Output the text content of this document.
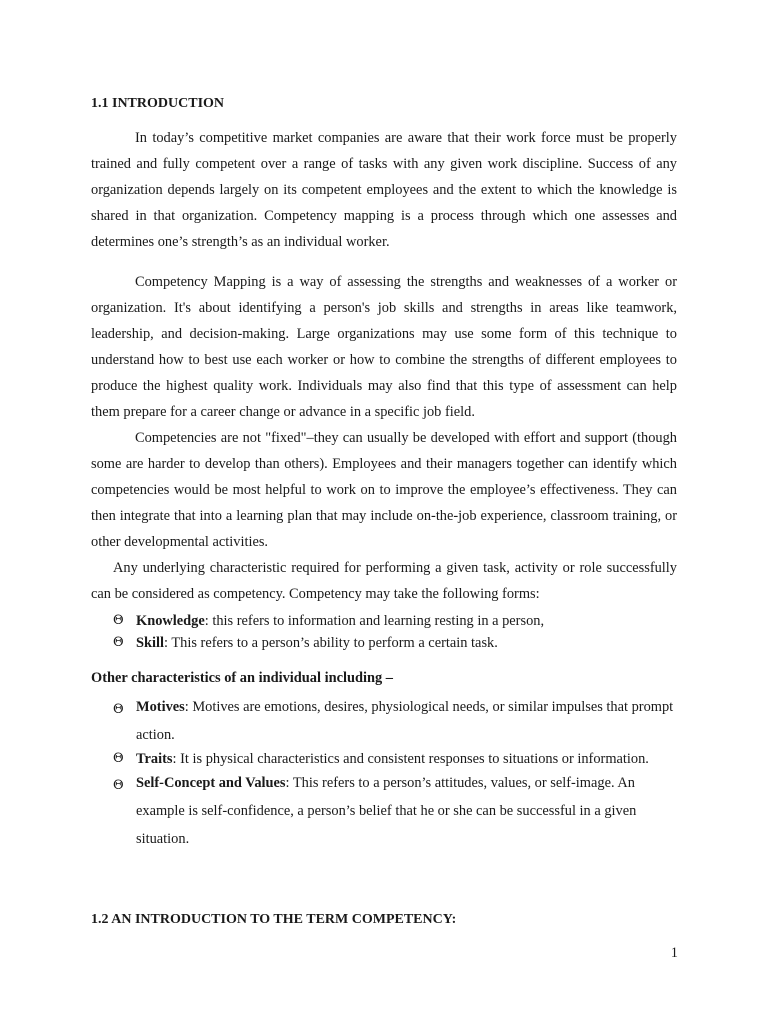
1.1 INTRODUCTION

In today’s competitive market companies are aware that their work force must be properly trained and fully competent over a range of tasks with any given work discipline. Success of any organization depends largely on its competent employees and the extent to which the knowledge is shared in that organization. Competency mapping is a process through which one assesses and determines one’s strength’s as an individual worker.

Competency Mapping is a way of assessing the strengths and weaknesses of a worker or organization. It's about identifying a person's job skills and strengths in areas like teamwork, leadership, and decision-making. Large organizations may use some form of this technique to understand how to best use each worker or how to combine the strengths of different employees to produce the highest quality work. Individuals may also find that this type of assessment can help them prepare for a career change or advance in a specific job field.

Competencies are not "fixed"–they can usually be developed with effort and support (though some are harder to develop than others). Employees and their managers together can identify which competencies would be most helpful to work on to improve the employee’s effectiveness. They can then integrate that into a learning plan that may include on-the-job experience, classroom training, or other developmental activities.

Any underlying characteristic required for performing a given task, activity or role successfully can be considered as competency. Competency may take the following forms:

Θ Knowledge: this refers to information and learning resting in a person,
Θ Skill: This refers to a person’s ability to perform a certain task.

Other characteristics of an individual including –

Θ Motives: Motives are emotions, desires, physiological needs, or similar impulses that prompt action.
Θ Traits: It is physical characteristics and consistent responses to situations or information.
Θ Self-Concept and Values: This refers to a person’s attitudes, values, or self-image. An example is self-confidence, a person’s belief that he or she can be successful in a given situation.
1.2 AN INTRODUCTION TO THE TERM COMPETENCY:
1
